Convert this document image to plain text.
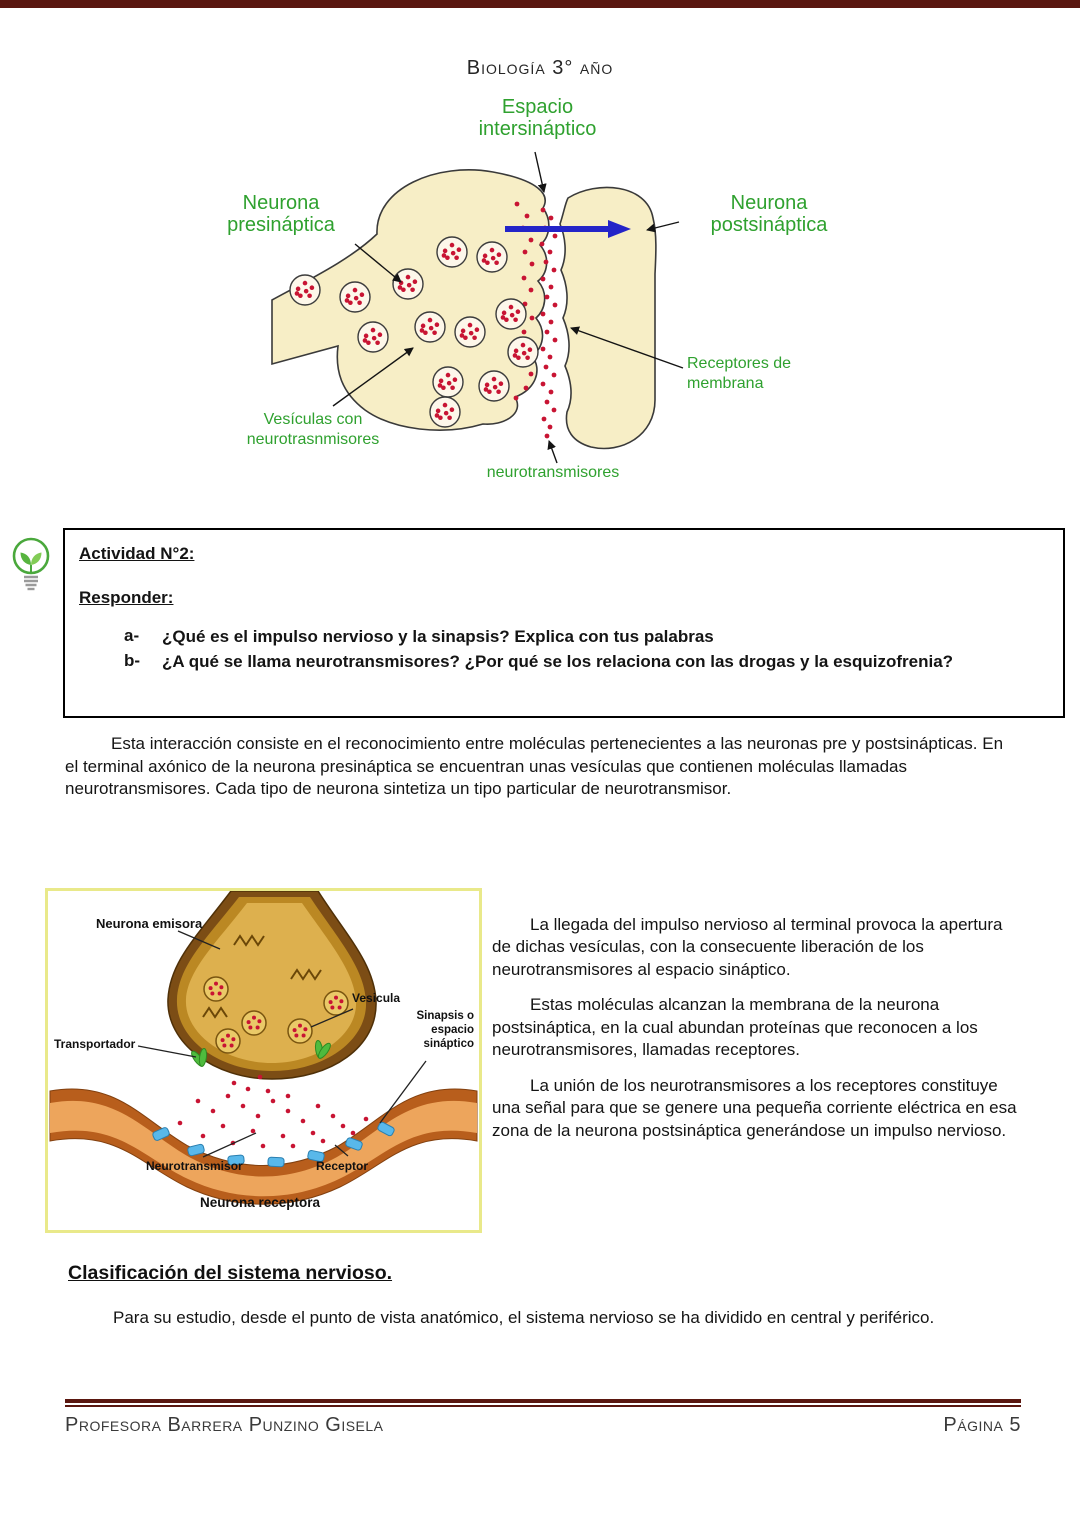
Biología 3° año
Espacio intersináptico
Neurona presináptica
Neurona postsináptica
Receptores de membrana
Vesículas con neurotrasnmisores
neurotransmisores
Actividad N°2:
Responder:
a-	¿Qué es el impulso nervioso y la sinapsis? Explica con tus palabras
b-	¿A qué se llama neurotransmisores? ¿Por qué se los relaciona con las drogas y la esquizofrenia?

Esta interacción consiste en el reconocimiento entre moléculas pertenecientes a las neuronas pre y postsinápticas. En el terminal axónico de la neurona presináptica se encuentran unas vesículas que contienen moléculas llamadas neurotransmisores. Cada tipo de neurona sintetiza un tipo particular de neurotransmisor.

Neurona emisora
Transportador
Vesicula
Sinapsis o espacio sináptico
Neurotransmisor	Receptor
Neurona receptora

La llegada del impulso nervioso al terminal provoca la apertura de dichas vesículas, con la consecuente liberación de los neurotransmisores al espacio sináptico.

Estas moléculas alcanzan la membrana de la neurona postsináptica, en la cual abundan proteínas que reconocen a los neurotransmisores, llamadas receptores.

La unión de los neurotransmisores a los receptores constituye una señal para que se genere una pequeña corriente eléctrica en esa zona de la neurona postsináptica generándose un impulso nervioso.

Clasificación del sistema nervioso.

Para su estudio, desde el punto de vista anatómico, el sistema nervioso se ha dividido en central y periférico.

Profesora Barrera Punzino Gisela	Página 5
